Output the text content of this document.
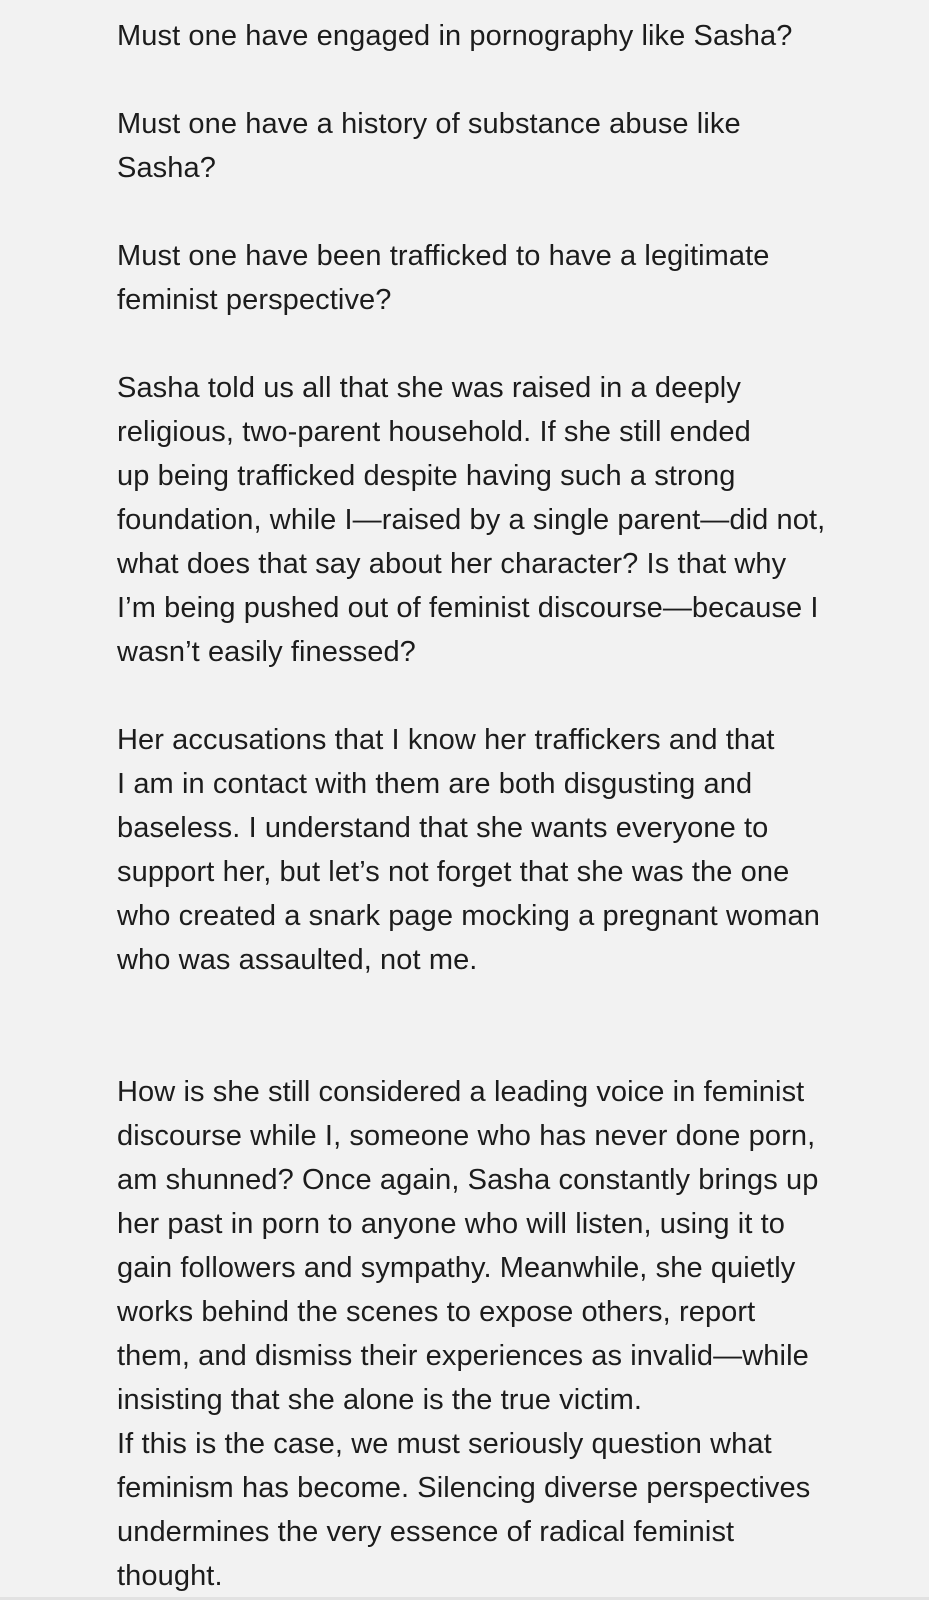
Must one have engaged in pornography like Sasha?

Must one have a history of substance abuse like
Sasha?

Must one have been trafficked to have a legitimate
feminist perspective?

Sasha told us all that she was raised in a deeply
religious, two-parent household. If she still ended
up being trafficked despite having such a strong
foundation, while I—raised by a single parent—did not,
what does that say about her character? Is that why
I’m being pushed out of feminist discourse—because I
wasn’t easily finessed?

Her accusations that I know her traffickers and that
I am in contact with them are both disgusting and
baseless. I understand that she wants everyone to
support her, but let’s not forget that she was the one
who created a snark page mocking a pregnant woman
who was assaulted, not me.

How is she still considered a leading voice in feminist
discourse while I, someone who has never done porn,
am shunned? Once again, Sasha constantly brings up
her past in porn to anyone who will listen, using it to
gain followers and sympathy. Meanwhile, she quietly
works behind the scenes to expose others, report
them, and dismiss their experiences as invalid—while
insisting that she alone is the true victim.

If this is the case, we must seriously question what
feminism has become. Silencing diverse perspectives
undermines the very essence of radical feminist
thought.
